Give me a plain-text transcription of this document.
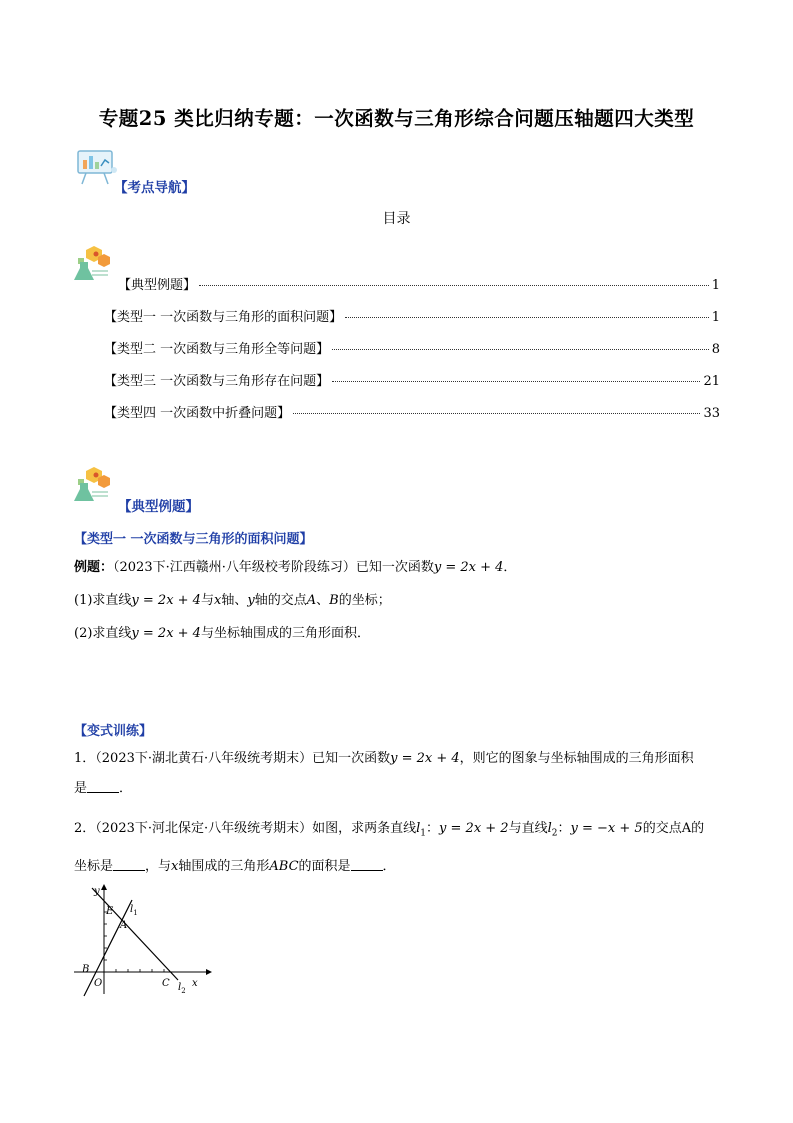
专题25 类比归纳专题：一次函数与三角形综合问题压轴题四大类型
【考点导航】
目录
【典型例题】	1
【类型一 一次函数与三角形的面积问题】	1
【类型二 一次函数与三角形全等问题】	8
【类型三 一次函数与三角形存在问题】	21
【类型四 一次函数中折叠问题】	33
【典型例题】
【类型一 一次函数与三角形的面积问题】
例题：（2023下·江西赣州·八年级校考阶段练习）已知一次函数y = 2x + 4．
(1)求直线y = 2x + 4与x轴、y轴的交点A、B的坐标；
(2)求直线y = 2x + 4与坐标轴围成的三角形面积．
【变式训练】
1．（2023下·湖北黄石·八年级统考期末）已知一次函数y = 2x + 4，则它的图象与坐标轴围成的三角形面积
是 ．
2．（2023下·河北保定·八年级统考期末）如图，求两条直线$l_1$：y = 2x + 2与直线$l_2$：y = −x + 5的交点A的
坐标是 ，与x轴围成的三角形ABC的面积是 ．
y
x
E
A
B
O	C
$l_1$
$l_2$
